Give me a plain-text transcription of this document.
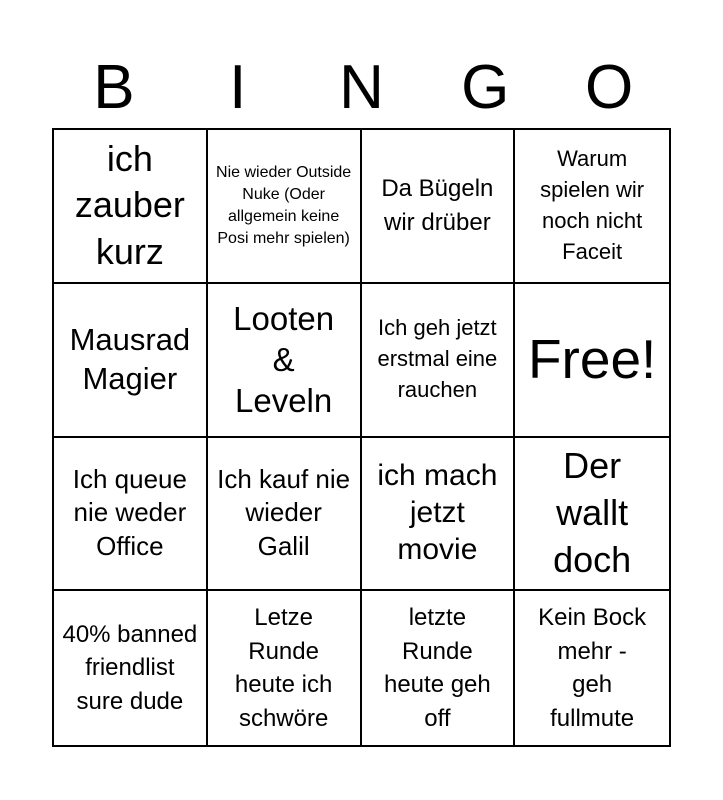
B	I	N	G	O
ich zauber kurz
Nie wieder Outside Nuke (Oder allgemein keine Posi mehr spielen)
Da Bügeln wir drüber
Warum spielen wir noch nicht Faceit
Mausrad Magier
Looten & Leveln
Ich geh jetzt erstmal eine rauchen Free!
Ich queue nie weder Office
Ich kauf nie wieder Galil
ich mach jetzt movie
Der wallt doch
40% banned friendlist sure dude
Letze Runde heute ich schwöre
letzte Runde heute geh off
Kein Bock mehr - geh fullmute
